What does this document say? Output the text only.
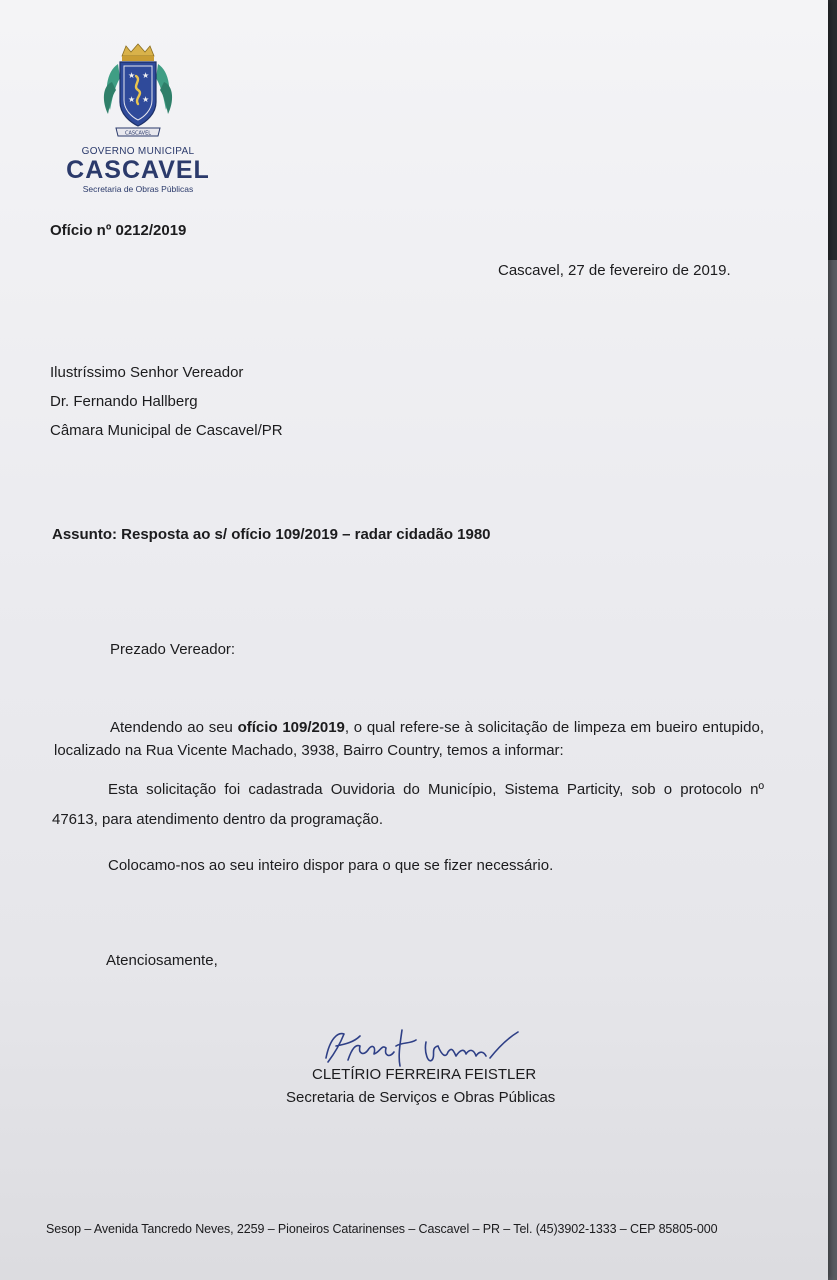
★ ★
★ ★
CASCAVEL
GOVERNO MUNICIPAL
CASCAVEL
Secretaria de Obras Públicas
Ofício nº 0212/2019
Cascavel, 27 de fevereiro de 2019.
Ilustríssimo Senhor Vereador
Dr. Fernando Hallberg
Câmara Municipal de Cascavel/PR
Assunto: Resposta ao s/ ofício 109/2019 – radar cidadão 1980
Prezado Vereador:
Atendendo ao seu ofício 109/2019, o qual refere-se à solicitação de limpeza em bueiro entupido, localizado na Rua Vicente Machado, 3938, Bairro Country, temos a informar:
Esta solicitação foi cadastrada Ouvidoria do Município, Sistema Particity, sob o protocolo nº 47613, para atendimento dentro da programação.
Colocamo-nos ao seu inteiro dispor para o que se fizer necessário.
Atenciosamente,
CLETÍRIO FERREIRA FEISTLER
Secretaria de Serviços e Obras Públicas
Sesop – Avenida Tancredo Neves, 2259 – Pioneiros Catarinenses – Cascavel – PR – Tel. (45)3902-1333 – CEP 85805-000
